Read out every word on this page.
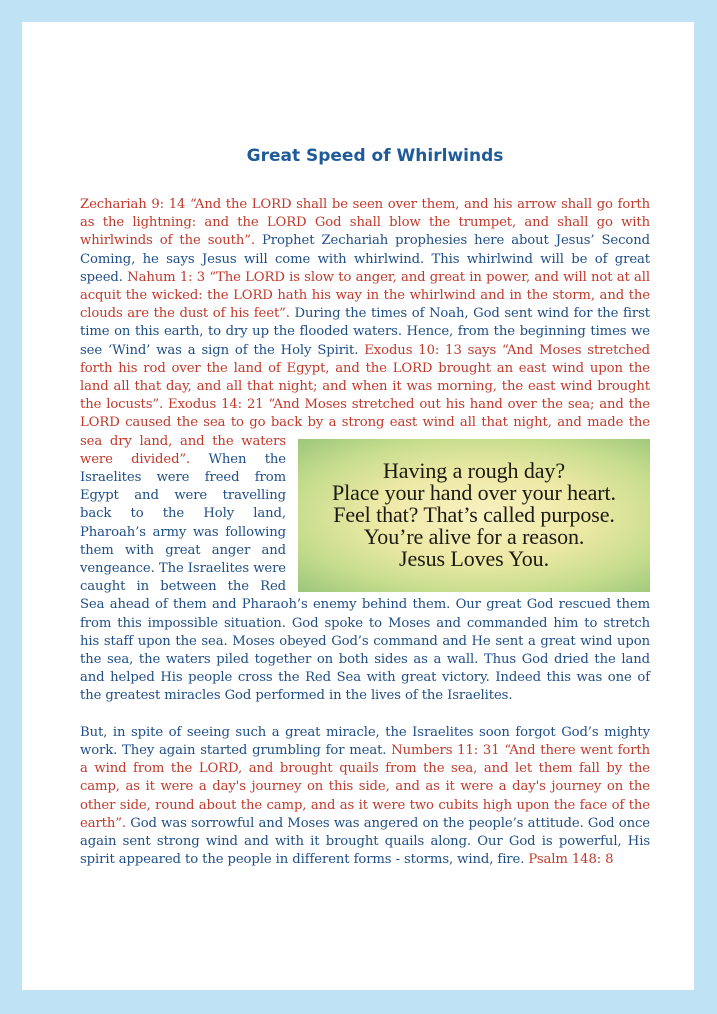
Great Speed of Whirlwinds

Zechariah 9: 14 “And the LORD shall be seen over them, and his arrow shall go forth as the lightning: and the LORD God shall blow the trumpet, and shall go with whirlwinds of the south”. Prophet Zechariah prophesies here about Jesus’ Second Coming, he says Jesus will come with whirlwind. This whirlwind will be of great speed. Nahum 1: 3 “The LORD is slow to anger, and great in power, and will not at all acquit the wicked: the LORD hath his way in the whirlwind and in the storm, and the clouds are the dust of his feet”. During the times of Noah, God sent wind for the first time on this earth, to dry up the flooded waters. Hence, from the beginning times we see ‘Wind’ was a sign of the Holy Spirit. Exodus 10: 13 says “And Moses stretched forth his rod over the land of Egypt, and the LORD brought an east wind upon the land all that day, and all that night; and when it was morning, the east wind brought the locusts”. Exodus 14: 21 “And Moses stretched out his hand over the sea; and the LORD caused the sea to go back by a strong east wind all that night, and made the
Having a rough day?
Place your hand over your heart.
Feel that? That’s called purpose.
You’re alive for a reason.
Jesus Loves You.
sea dry land, and the waters were divided”. When the Israelites were freed from Egypt and were travelling back to the Holy land, Pharoah’s army was following them with great anger and vengeance. The Israelites were caught in between the Red Sea ahead of them and Pharaoh’s enemy behind them. Our great God rescued them from this impossible situation. God spoke to Moses and commanded him to stretch his staff upon the sea. Moses obeyed God’s command and He sent a great wind upon the sea, the waters piled together on both sides as a wall. Thus God dried the land and helped His people cross the Red Sea with great victory. Indeed this was one of the greatest miracles God performed in the lives of the Israelites.

But, in spite of seeing such a great miracle, the Israelites soon forgot God’s mighty work. They again started grumbling for meat. Numbers 11: 31 “And there went forth a wind from the LORD, and brought quails from the sea, and let them fall by the camp, as it were a day's journey on this side, and as it were a day's journey on the other side, round about the camp, and as it were two cubits high upon the face of the earth”. God was sorrowful and Moses was angered on the people’s attitude. God once again sent strong wind and with it brought quails along. Our God is powerful, His spirit appeared to the people in different forms - storms, wind, fire. Psalm 148: 8
